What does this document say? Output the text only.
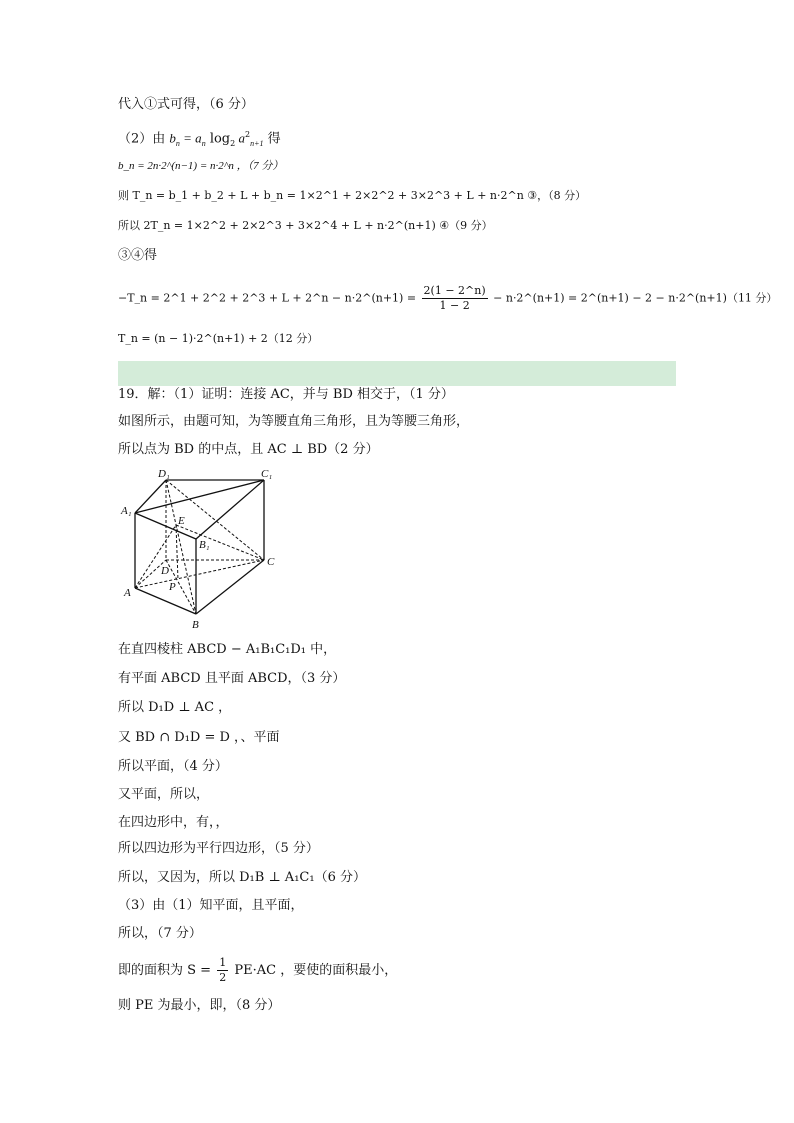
代入①式可得，（6 分）
（2）由 $b_n = a_n$ $\log_2 a^2_{n+1}$ 得
b_n = 2n·2^(n−1) = n·2^n ，（7 分）
则 T_n = b_1 + b_2 + L + b_n = 1×2^1 + 2×2^2 + 3×2^3 + L + n·2^n ③，（8 分）
所以 2T_n = 1×2^2 + 2×2^3 + 3×2^4 + L + n·2^(n+1) ④（9 分）
③④得
−T_n = 2^1 + 2^2 + 2^3 + L + 2^n − n·2^(n+1) = $\frac{2(1 - 2\^{}n)}{1 - 2}$ − n·2^(n+1) = 2^(n+1) − 2 − n·2^(n+1)（11 分）
T_n = (n − 1)·2^(n+1) + 2（12 分）
19．解：（1）证明：连接 AC，并与 BD 相交于，（1 分）
如图所示，由题可知，为等腰直角三角形，且为等腰三角形，
所以点为 BD 的中点，且 AC ⊥ BD（2 分）
D₁	C₁
A₁
E
B₁
C
D
P
A
B
在直四棱柱 ABCD − A₁B₁C₁D₁ 中，
有平面 ABCD 且平面 ABCD，（3 分）
所以 D₁D ⊥ AC ，
又 BD ∩ D₁D = D ，、平面
所以平面，（4 分）
又平面，所以，
在四边形中，有，，
所以四边形为平行四边形，（5 分）
所以，又因为，所以 D₁B ⊥ A₁C₁（6 分）
（3）由（1）知平面，且平面，
所以，（7 分）
即的面积为 $S = \frac{1}{2} PE\cdot AC$ ，要使的面积最小，
则 PE 为最小，即，（8 分）
